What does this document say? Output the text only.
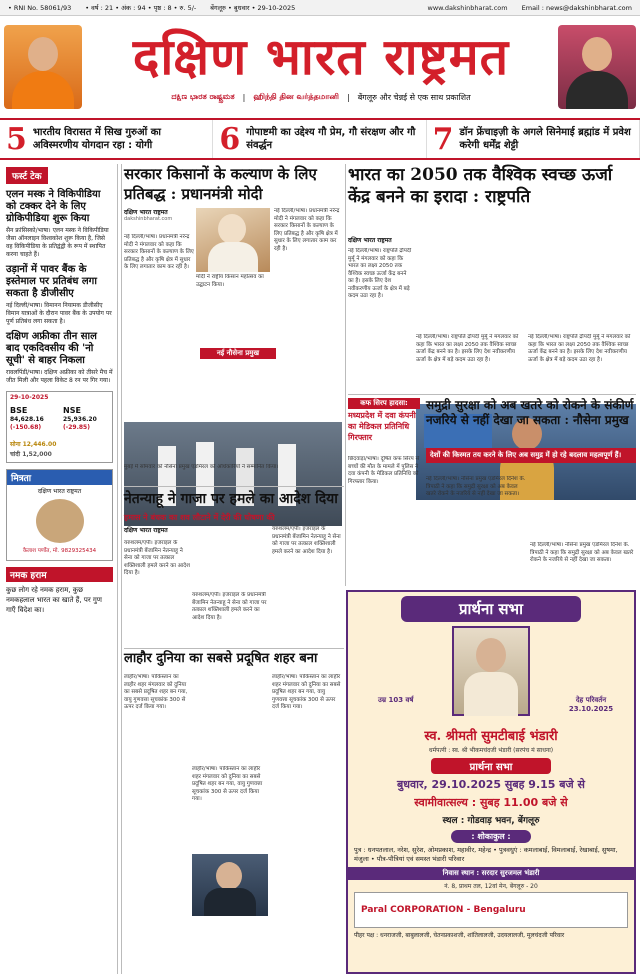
• RNI No. 58061/93 • वर्ष : 21 • अंक : 94 • पृष्ठ : 8 • रु. 5/- बेंगलूरु • बुधवार • 29-10-2025	www.dakshinbharat.com Email : news@dakshinbharat.com
दक्षिण भारत राष्ट्रमत
ದಕ್ಷಿಣ ಭಾರತ ರಾಷ್ಟ್ರಮತ | ஹிந்தி தின வர்த்தமானி | बेंगलूरु और चेन्नई से एक साथ प्रकाशित
5 भारतीय विरासत में सिख गुरुओं का अविस्मरणीय योगदान रहा : योगी	6 गोपाष्टमी का उद्देश्य गौ प्रेम, गौ संरक्षण और गौ संवर्द्धन	7 डॉन फ्रेंचाइज़ी के अगले सिनेमाई ब्रह्मांड में प्रवेश करेगी धर्मेंद्र शेट्टी
फर्स्ट टेक
एलन मस्क ने विकिपीडिया को टक्कर देने के लिए ग्रोकिपीडिया शुरू किया
सैन फ्रांसिस्को/भाषा। एलन मस्क ने विकिपीडिया जैसा ऑनलाइन विश्वकोश शुरू किया है, जिसे वह विकिपीडिया के प्रतिद्वंद्वी के रूप में स्थापित करना चाहते हैं।
उड़ानों में पावर बैंक के इस्तेमाल पर प्रतिबंध लगा सकता है डीजीसीए
नई दिल्ली/भाषा। विमानन नियामक डीजीसीए विमान यात्राओं के दौरान पावर बैंक के उपयोग पर पूर्ण प्रतिबंध लगा सकता है।
दक्षिण अफ्रीका तीन साल बाद एकदिवसीय की 'नो सूची' से बाहर निकला
रावलपिंडी/भाषा। दक्षिण अफ्रीका को तीसरे मैच में जीत मिली और पहला विकेट 8 रन पर गिर गया।
29-10-2025
BSE
84,628.16
(-150.68)
NSE
25,936.20
(-29.85)
सोना 12,446.00
चांदी 1,52,000
मित्रता
दक्षिण भारत राष्ट्रमत
कैलाश पर्णोत, मो. 9829325434
नमक हराम
कुछ लोग रहे नमक हराम, कुछ नमकहलाल भारत का खाते हैं, पर गुण गाएँ विदेश का।
सरकार किसानों के कल्याण के लिए प्रतिबद्ध : प्रधानमंत्री मोदी
दक्षिण भारत राष्ट्रमत
dakshinbharat.com
नई दिल्ली/भाषा। प्रधानमंत्री नरेन्द्र मोदी ने मंगलवार को कहा कि सरकार किसानों के कल्याण के लिए प्रतिबद्ध है और कृषि क्षेत्र में सुधार के लिए लगातार काम कर रही है।
मोदी ने राष्ट्रीय किसान महोत्सव का उद्घाटन किया।
नई दिल्ली/भाषा। प्रधानमंत्री नरेन्द्र मोदी ने मंगलवार को कहा कि सरकार किसानों के कल्याण के लिए प्रतिबद्ध है और कृषि क्षेत्र में सुधार के लिए लगातार काम कर रही है।
नई नौसेना प्रमुख
मुंबई में सोमवार को नौसेना प्रमुख एडमिरल को अधिकारियों ने सम्मानित किया।
भारत का 2050 तक वैश्विक स्वच्छ ऊर्जा केंद्र बनने का इरादा : राष्ट्रपति
दक्षिण भारत राष्ट्रमत
नई दिल्ली/भाषा। राष्ट्रपति द्रौपदी मुर्मू ने मंगलवार को कहा कि भारत का लक्ष्य 2050 तक वैश्विक स्वच्छ ऊर्जा केंद्र बनने का है। इसके लिए देश नवीकरणीय ऊर्जा के क्षेत्र में बड़े कदम उठा रहा है।
नई दिल्ली/भाषा। राष्ट्रपति द्रौपदी मुर्मू ने मंगलवार को कहा कि भारत का लक्ष्य 2050 तक वैश्विक स्वच्छ ऊर्जा केंद्र बनने का है। इसके लिए देश नवीकरणीय ऊर्जा के क्षेत्र में बड़े कदम उठा रहा है।
नई दिल्ली/भाषा। राष्ट्रपति द्रौपदी मुर्मू ने मंगलवार को कहा कि भारत का लक्ष्य 2050 तक वैश्विक स्वच्छ ऊर्जा केंद्र बनने का है। इसके लिए देश नवीकरणीय ऊर्जा के क्षेत्र में बड़े कदम उठा रहा है।
कफ सिरप हादसा:
मध्यप्रदेश में दवा कंपनी का मेडिकल प्रतिनिधि गिरफ्तार
छिंदवाड़ा/भाषा। दूषित कफ सिरप से बच्चों की मौत के मामले में पुलिस ने दवा कंपनी के मेडिकल प्रतिनिधि को गिरफ्तार किया।
समुद्री सुरक्षा को अब खतरे को रोकने के संकीर्ण नजरिये से नहीं देखा जा सकता : नौसेना प्रमुख
देशों की किस्मत तय करने के लिए अब समुद्र में हो रहे बदलाव महत्वपूर्ण हैं।
नई दिल्ली/भाषा। नौसेना प्रमुख एडमिरल दिनेश के. त्रिपाठी ने कहा कि समुद्री सुरक्षा को अब केवल खतरे रोकने के नजरिये से नहीं देखा जा सकता।
नई दिल्ली/भाषा। नौसेना प्रमुख एडमिरल दिनेश के. त्रिपाठी ने कहा कि समुद्री सुरक्षा को अब केवल खतरे रोकने के नजरिये से नहीं देखा जा सकता।
नेतन्याहू ने गाजा पर हमले का आदेश दिया
हमास ने बंधक का शव लौटाने में देरी की घोषणा की
दक्षिण भारत राष्ट्रमत
यरुशलम/एपी। इजराइल के प्रधानमंत्री बेंजामिन नेतन्याहू ने सेना को गाजा पर तत्काल शक्तिशाली हमले करने का आदेश दिया है।
यरुशलम/एपी। इजराइल के प्रधानमंत्री बेंजामिन नेतन्याहू ने सेना को गाजा पर तत्काल शक्तिशाली हमले करने का आदेश दिया है।
यरुशलम/एपी। इजराइल के प्रधानमंत्री बेंजामिन नेतन्याहू ने सेना को गाजा पर तत्काल शक्तिशाली हमले करने का आदेश दिया है।
लाहौर दुनिया का सबसे प्रदूषित शहर बना
लाहौर/भाषा। पाकिस्तान का लाहौर शहर मंगलवार को दुनिया का सबसे प्रदूषित शहर बन गया, वायु गुणवत्ता सूचकांक 300 से ऊपर दर्ज किया गया।
लाहौर/भाषा। पाकिस्तान का लाहौर शहर मंगलवार को दुनिया का सबसे प्रदूषित शहर बन गया, वायु गुणवत्ता सूचकांक 300 से ऊपर दर्ज किया गया।
लाहौर/भाषा। पाकिस्तान का लाहौर शहर मंगलवार को दुनिया का सबसे प्रदूषित शहर बन गया, वायु गुणवत्ता सूचकांक 300 से ऊपर दर्ज किया गया।
प्रार्थना सभा
उम्र 103 वर्ष	देह परिवर्तन 23.10.2025
स्व. श्रीमती सुमटीबाई भंडारी
धर्मपत्नी : स्व. श्री भीकमचंदजी भंडारी (सरपंच मं साधना)
प्रार्थना सभा
बुधवार, 29.10.2025 सुबह 9.15 बजे से
स्वामीवात्सल्य : सुबह 11.00 बजे से
स्थल : गोडवाड़ भवन, बेंगलूरु
: शोकाकुल :
पुत्र : धनपतलाल, नरेश, सुरेश, ओमप्रकाश, महावीर, महेन्द्र • पुत्रवधुएं : कमलाबाई, विमलाबाई, रेखाबाई, सुषमा, मंजुला • पौत्र-पौत्रियां एवं समस्त भंडारी परिवार
निवास स्थान : सरदार सुरजमल भंडारी
नं. 8, प्राथम तल, 12वां मेन, बेंगलूरु - 20
Paral CORPORATION - Bengaluru
पीहर पक्ष : धनराजजी, बाबुलालजी, चेतनप्रकाशजी, शांतिलालजी, उदयलालजी, मूलचंदजी परिवार
